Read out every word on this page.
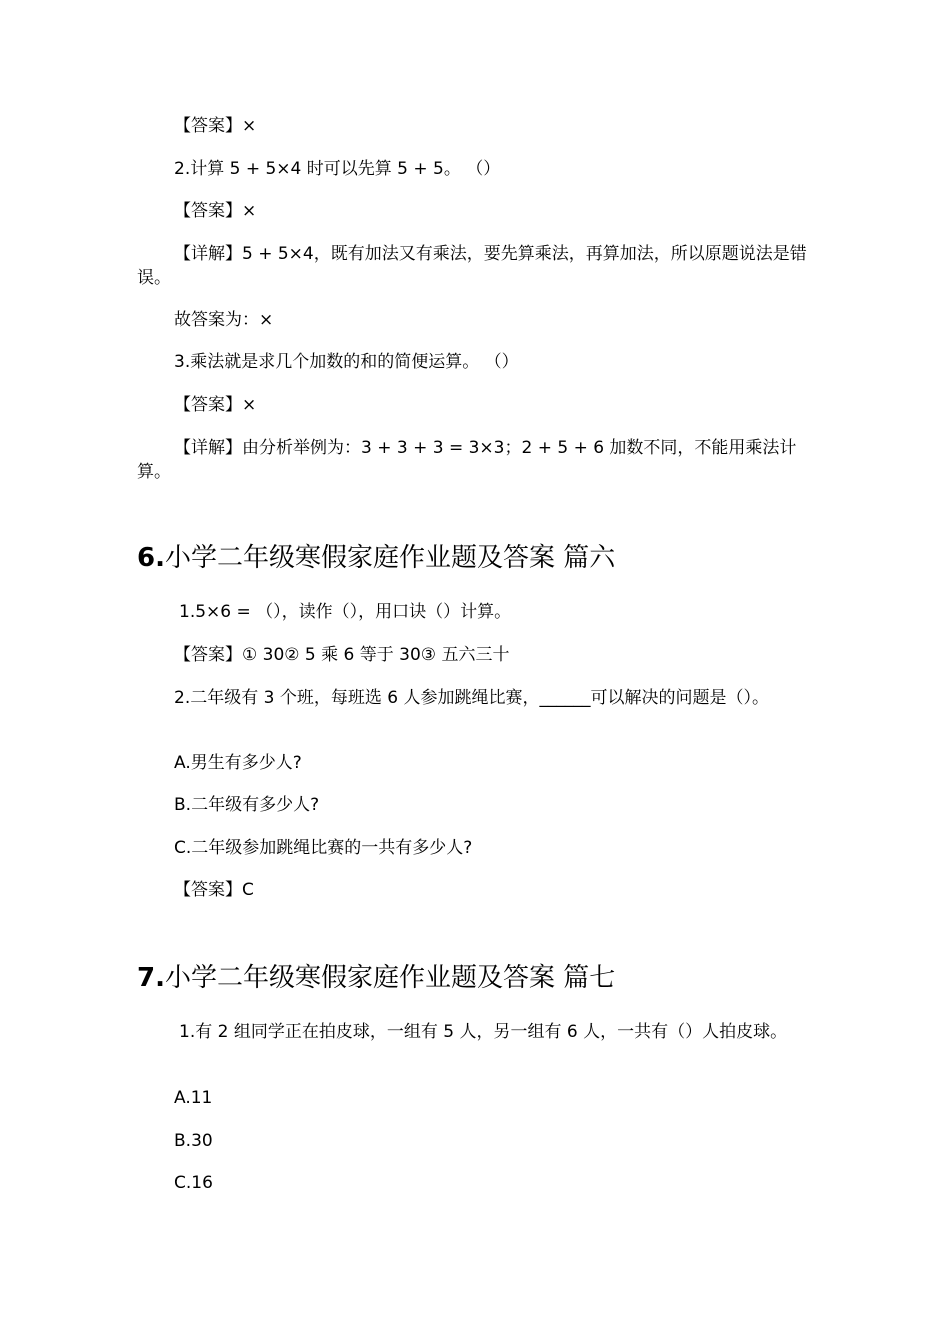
【答案】×
2.计算 5 + 5×4 时可以先算 5 + 5。 （）
【答案】×
【详解】5 + 5×4，既有加法又有乘法，要先算乘法，再算加法，所以原题说法是错误。
故答案为：×
3.乘法就是求几个加数的和的简便运算。 （）
【答案】×
【详解】由分析举例为：3 + 3 + 3 = 3×3；2 + 5 + 6 加数不同，不能用乘法计算。
6.小学二年级寒假家庭作业题及答案 篇六
1.5×6 = （），读作（），用口诀（）计算。
【答案】① 30② 5 乘 6 等于 30③ 五六三十
2.二年级有 3 个班，每班选 6 人参加跳绳比赛，______可以解决的问题是（）。
A.男生有多少人?
B.二年级有多少人?
C.二年级参加跳绳比赛的一共有多少人?
【答案】C
7.小学二年级寒假家庭作业题及答案 篇七
1.有 2 组同学正在拍皮球，一组有 5 人，另一组有 6 人，一共有（）人拍皮球。
A.11
B.30
C.16
